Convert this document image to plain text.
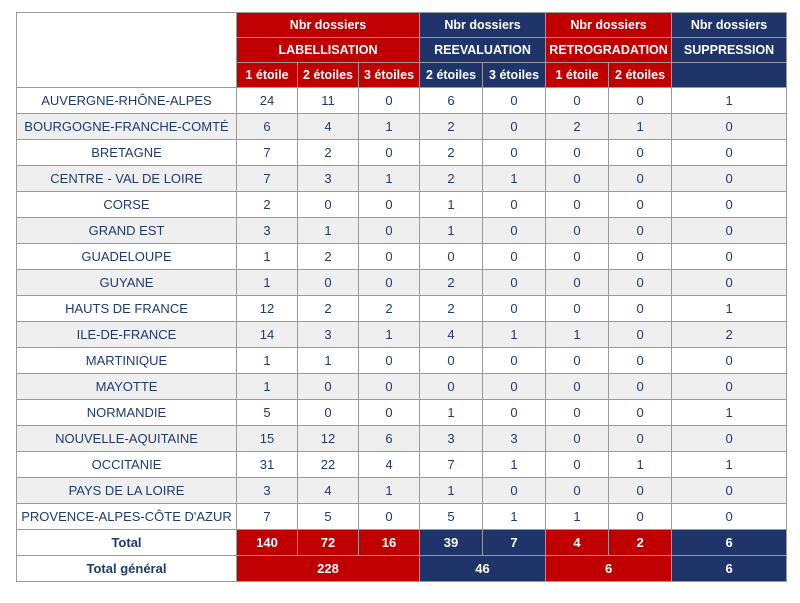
	Nbr dossiers			Nbr dossiers		Nbr dossiers		Nbr dossiers
	LABELLISATION			REEVALUATION		RETROGRADATION		SUPPRESSION
	1 étoile	2 étoiles	3 étoiles	2 étoiles	3 étoiles	1 étoile	2 étoiles	
AUVERGNE-RHÔNE-ALPES	24	11	0	6	0	0	0	1
BOURGOGNE-FRANCHE-COMTÉ	6	4	1	2	0	2	1	0
BRETAGNE	7	2	0	2	0	0	0	0
CENTRE - VAL DE LOIRE	7	3	1	2	1	0	0	0
CORSE	2	0	0	1	0	0	0	0
GRAND EST	3	1	0	1	0	0	0	0
GUADELOUPE	1	2	0	0	0	0	0	0
GUYANE	1	0	0	2	0	0	0	0
HAUTS DE FRANCE	12	2	2	2	0	0	0	1
ILE-DE-FRANCE	14	3	1	4	1	1	0	2
MARTINIQUE	1	1	0	0	0	0	0	0
MAYOTTE	1	0	0	0	0	0	0	0
NORMANDIE	5	0	0	1	0	0	0	1
NOUVELLE-AQUITAINE	15	12	6	3	3	0	0	0
OCCITANIE	31	22	4	7	1	0	1	1
PAYS DE LA LOIRE	3	4	1	1	0	0	0	0
PROVENCE-ALPES-CÔTE D'AZUR	7	5	0	5	1	1	0	0
Total	140	72	16	39	7	4	2	6
Total général	228			46		6		6
